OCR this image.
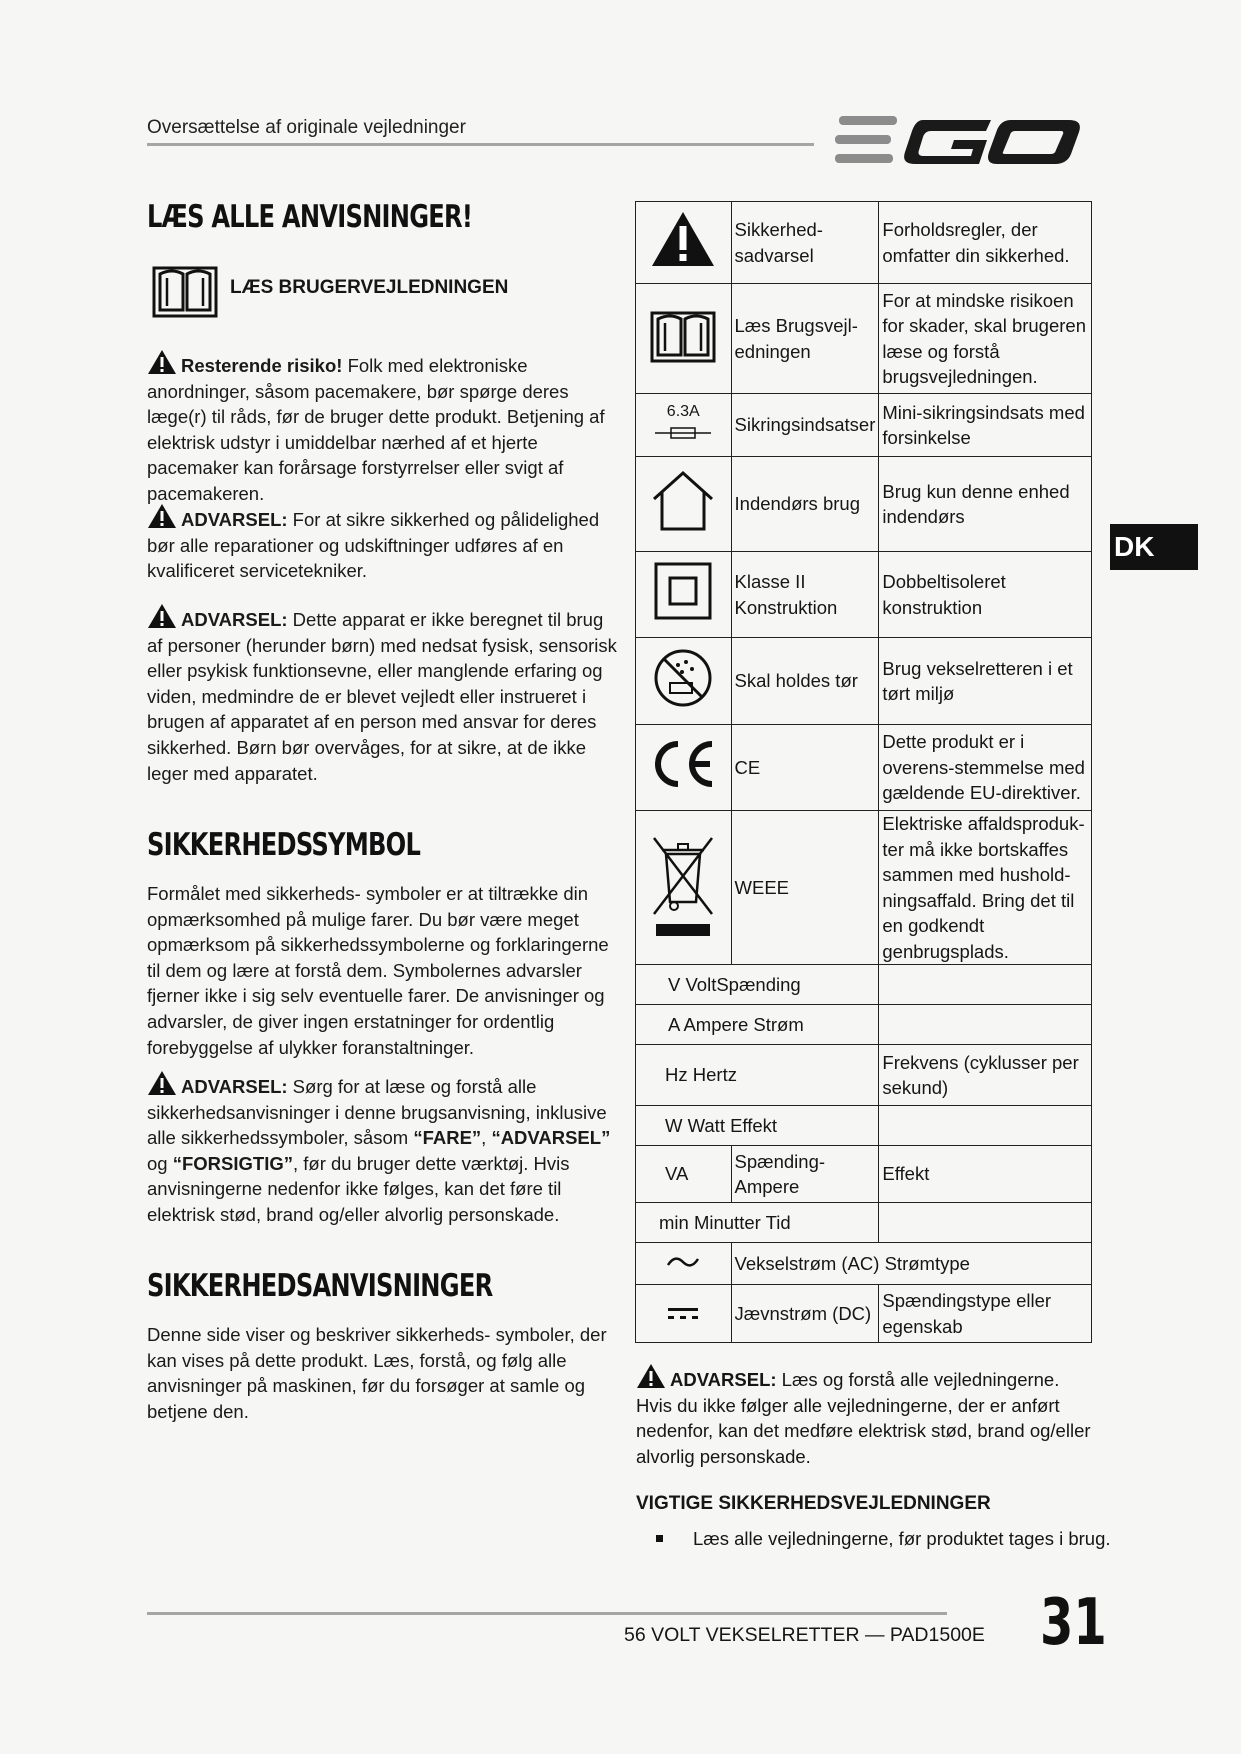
Oversættelse af originale vejledninger
LÆS ALLE ANVISNINGER!
LÆS BRUGERVEJLEDNINGEN
Resterende risiko! Folk med elektroniske anordninger, såsom pacemakere, bør spørge deres læge(r) til råds, før de bruger dette produkt. Betjening af elektrisk udstyr i umiddelbar nærhed af et hjerte pacemaker kan forårsage forstyrrelser eller svigt af pacemakeren.
ADVARSEL: For at sikre sikkerhed og pålidelighed bør alle reparationer og udskiftninger udføres af en kvalificeret servicetekniker.
ADVARSEL: Dette apparat er ikke beregnet til brug af personer (herunder børn) med nedsat fysisk, sensorisk eller psykisk funktionsevne, eller manglende erfaring og viden, medmindre de er blevet vejledt eller instrueret i brugen af apparatet af en person med ansvar for deres sikkerhed. Børn bør overvåges, for at sikre, at de ikke leger med apparatet.
SIKKERHEDSSYMBOL
Formålet med sikkerheds- symboler er at tiltrække din opmærksomhed på mulige farer. Du bør være meget opmærksom på sikkerhedssymbolerne og forklaringerne til dem og lære at forstå dem. Symbolernes advarsler fjerner ikke i sig selv eventuelle farer. De anvisninger og advarsler, de giver ingen erstatninger for ordentlig forebyggelse af ulykker foranstaltninger.
ADVARSEL: Sørg for at læse og forstå alle sikkerhedsanvisninger i denne brugsanvisning, inklusive alle sikkerhedssymboler, såsom “FARE”, “ADVARSEL” og “FORSIGTIG”, før du bruger dette værktøj. Hvis anvisningerne nedenfor ikke følges, kan det føre til elektrisk stød, brand og/eller alvorlig personskade.
SIKKERHEDSANVISNINGER
Denne side viser og beskriver sikkerheds- symboler, der kan vises på dette produkt. Læs, forstå, og følg alle anvisninger på maskinen, før du forsøger at samle og betjene den.
	Sikkerhed-sadvarsel	Forholdsregler, der omfatter din sikkerhed.
	Læs Brugsvejl-edningen	For at mindske risikoen for skader, skal brugeren læse og forstå brugsvejledningen.

6.3A	Sikringsindsatser	Mini-sikringsindsats med forsinkelse
	Indendørs brug	Brug kun denne enhed indendørs
	Klasse II Konstruktion	Dobbeltisoleret konstruktion
	Skal holdes tør	Brug vekselretteren i et tørt miljø
	CE	Dette produkt er i overens-stemmelse med gældende EU-direktiver.
	WEEE	Elektriske affaldsproduk-ter må ikke bortskaffes sammen med hushold-ningsaffald. Bring det til en godkendt genbrugsplads.
V VoltSpænding		
A Ampere Strøm		
Hz Hertz		Frekvens (cyklusser per sekund)
W Watt Effekt		
VA	Spænding-Ampere	Effekt
min Minutter Tid		
	Vekselstrøm (AC) Strømtype	
	Jævnstrøm (DC)	Spændingstype eller egenskab
DK
ADVARSEL: Læs og forstå alle vejledningerne. Hvis du ikke følger alle vejledningerne, der er anført nedenfor, kan det medføre elektrisk stød, brand og/eller alvorlig personskade.
VIGTIGE SIKKERHEDSVEJLEDNINGER
Læs alle vejledningerne, før produktet tages i brug.
56 VOLT VEKSELRETTER — PAD1500E 31
